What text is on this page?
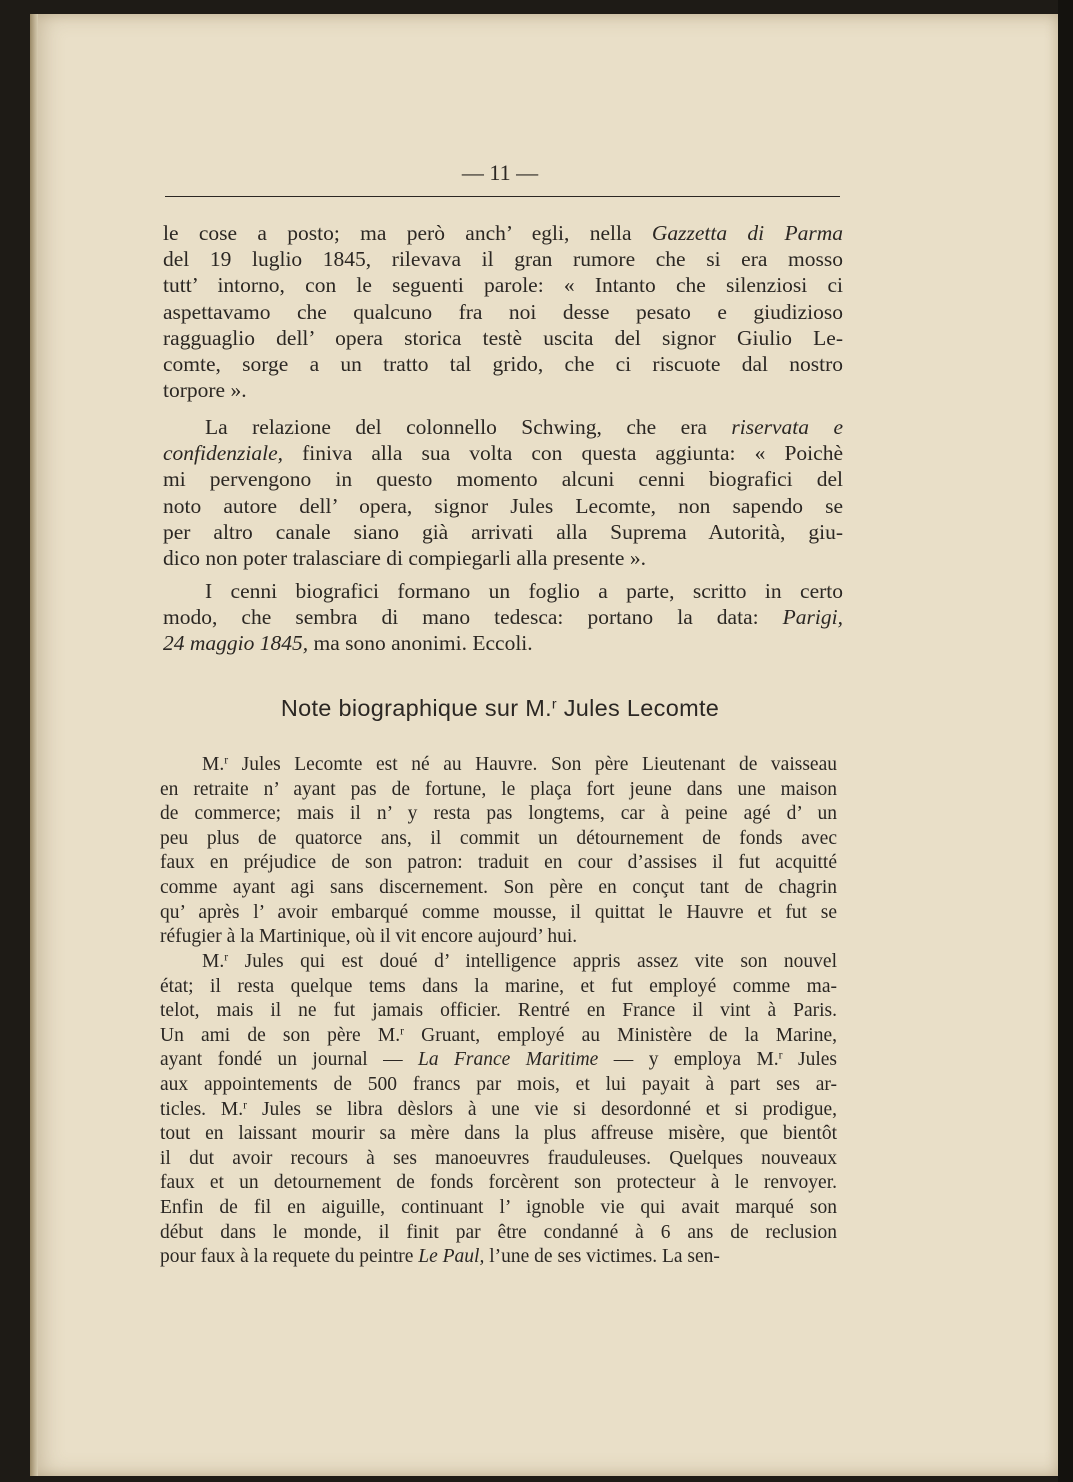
— 11 —
le cose a posto; ma però anch’ egli, nella Gazzetta di Parma
del 19 luglio 1845, rilevava il gran rumore che si era mosso
tutt’ intorno, con le seguenti parole: « Intanto che silenziosi ci
aspettavamo che qualcuno fra noi desse pesato e giudizioso
ragguaglio dell’ opera storica testè uscita del signor Giulio Le-
comte, sorge a un tratto tal grido, che ci riscuote dal nostro
torpore ».
La relazione del colonnello Schwing, che era riservata e
confidenziale, finiva alla sua volta con questa aggiunta: « Poichè
mi pervengono in questo momento alcuni cenni biografici del
noto autore dell’ opera, signor Jules Lecomte, non sapendo se
per altro canale siano già arrivati alla Suprema Autorità, giu-
dico non poter tralasciare di compiegarli alla presente ».
I cenni biografici formano un foglio a parte, scritto in certo
modo, che sembra di mano tedesca: portano la data: Parigi,
24 maggio 1845, ma sono anonimi. Eccoli.
Note biographique sur M.$^r$ Jules Lecomte
M.$^r$ Jules Lecomte est né au Hauvre. Son père Lieutenant de vaisseau
en retraite n’ ayant pas de fortune, le plaça fort jeune dans une maison
de commerce; mais il n’ y resta pas longtems, car à peine agé d’ un
peu plus de quatorce ans, il commit un détournement de fonds avec
faux en préjudice de son patron: traduit en cour d’assises il fut acquitté
comme ayant agi sans discernement. Son père en conçut tant de chagrin
qu’ après l’ avoir embarqué comme mousse, il quittat le Hauvre et fut se
réfugier à la Martinique, où il vit encore aujourd’ hui.
M.$^r$ Jules qui est doué d’ intelligence appris assez vite son nouvel
état; il resta quelque tems dans la marine, et fut employé comme ma-
telot, mais il ne fut jamais officier. Rentré en France il vint à Paris.
Un ami de son père M.$^r$ Gruant, employé au Ministère de la Marine,
ayant fondé un journal — La France Maritime — y employa M.$^r$ Jules
aux appointements de 500 francs par mois, et lui payait à part ses ar-
ticles. M.$^r$ Jules se libra dèslors à une vie si desordonné et si prodigue,
tout en laissant mourir sa mère dans la plus affreuse misère, que bientôt
il dut avoir recours à ses manoeuvres frauduleuses. Quelques nouveaux
faux et un detournement de fonds forcèrent son protecteur à le renvoyer.
Enfin de fil en aiguille, continuant l’ ignoble vie qui avait marqué son
début dans le monde, il finit par être condanné à 6 ans de reclusion
pour faux à la requete du peintre Le Paul, l’une de ses victimes. La sen-
